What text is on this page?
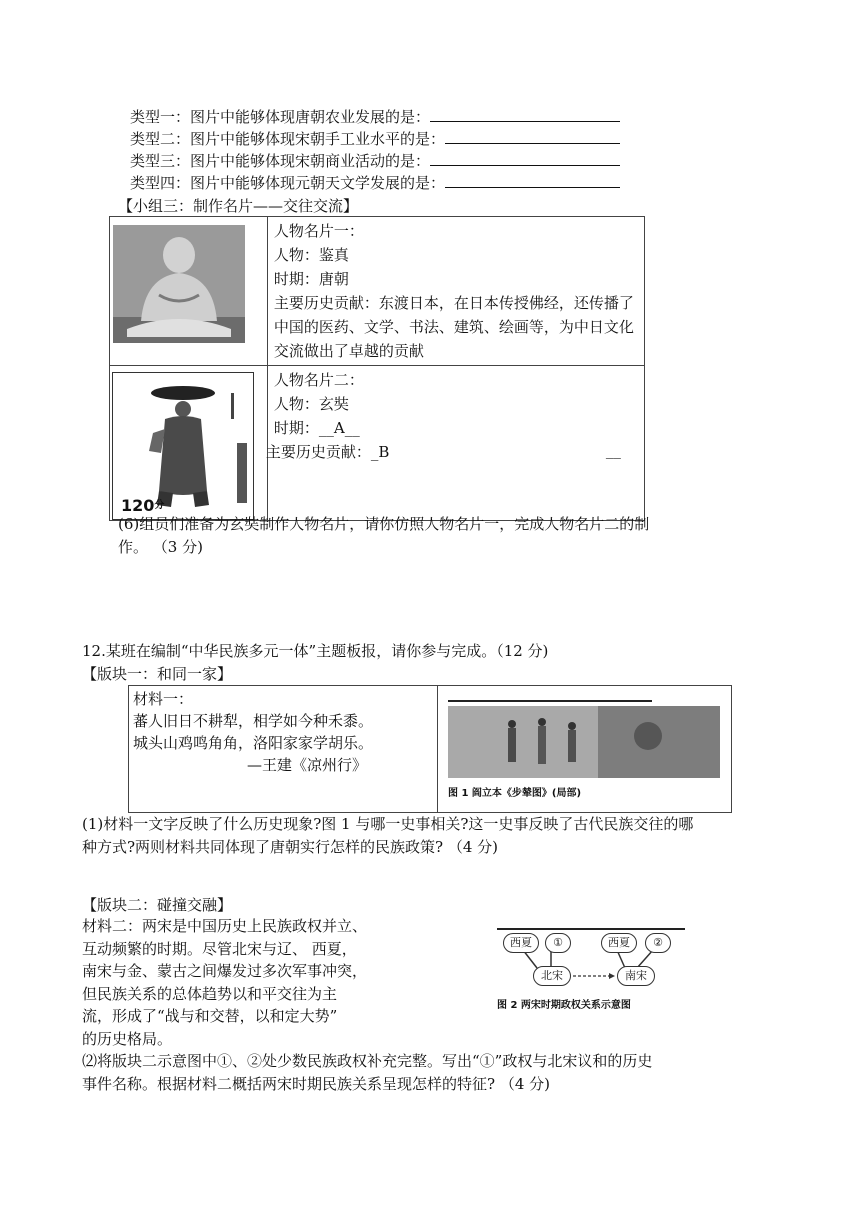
类型一：图片中能够体现唐朝农业发展的是：
类型二：图片中能够体现宋朝手工业水平的是：
类型三：图片中能够体现宋朝商业活动的是：
类型四：图片中能够体现元朝天文学发展的是：
【小组三：制作名片——交往交流】

人物名片一：
人物：鉴真
时期：唐朝
主要历史贡献：东渡日本，在日本传授佛经，还传播了中国的医药、文学、书法、建筑、绘画等，为中日文化交流做出了卓越的贡献

$120^分$	人物名片二：
人物：玄奘
时期：__A__
主要历史贡献：_B __
(6)组员们准备为玄奘制作人物名片，请你仿照人物名片一，完成人物名片二的制
作。 （3 分)
12.某班在编制“中华民族多元一体”主题板报，请你参与完成。（12 分)
【版块一：和同一家】
材料一：
蕃人旧日不耕犁，相学如今种禾黍。
城头山鸡鸣角角，洛阳家家学胡乐。
—王建《凉州行》
图 1 阎立本《步辇图》(局部)
(1)材料一文字反映了什么历史现象?图 1 与哪一史事相关?这一史事反映了古代民族交往的哪
种方式?两则材料共同体现了唐朝实行怎样的民族政策? （4 分)
【版块二：碰撞交融】
材料二：两宋是中国历史上民族政权并立、
互动频繁的时期。尽管北宋与辽、 西夏，
南宋与金、蒙古之间爆发过多次军事冲突，
但民族关系的总体趋势以和平交往为主
流，形成了“战与和交替，以和定大势”
的历史格局。
西夏	①	西夏	②
北宋	南宋
图 2 两宋时期政权关系示意图
⑵将版块二示意图中①、②处少数民族政权补充完整。写出“①”政权与北宋议和的历史
事件名称。根据材料二概括两宋时期民族关系呈现怎样的特征? （4 分)
